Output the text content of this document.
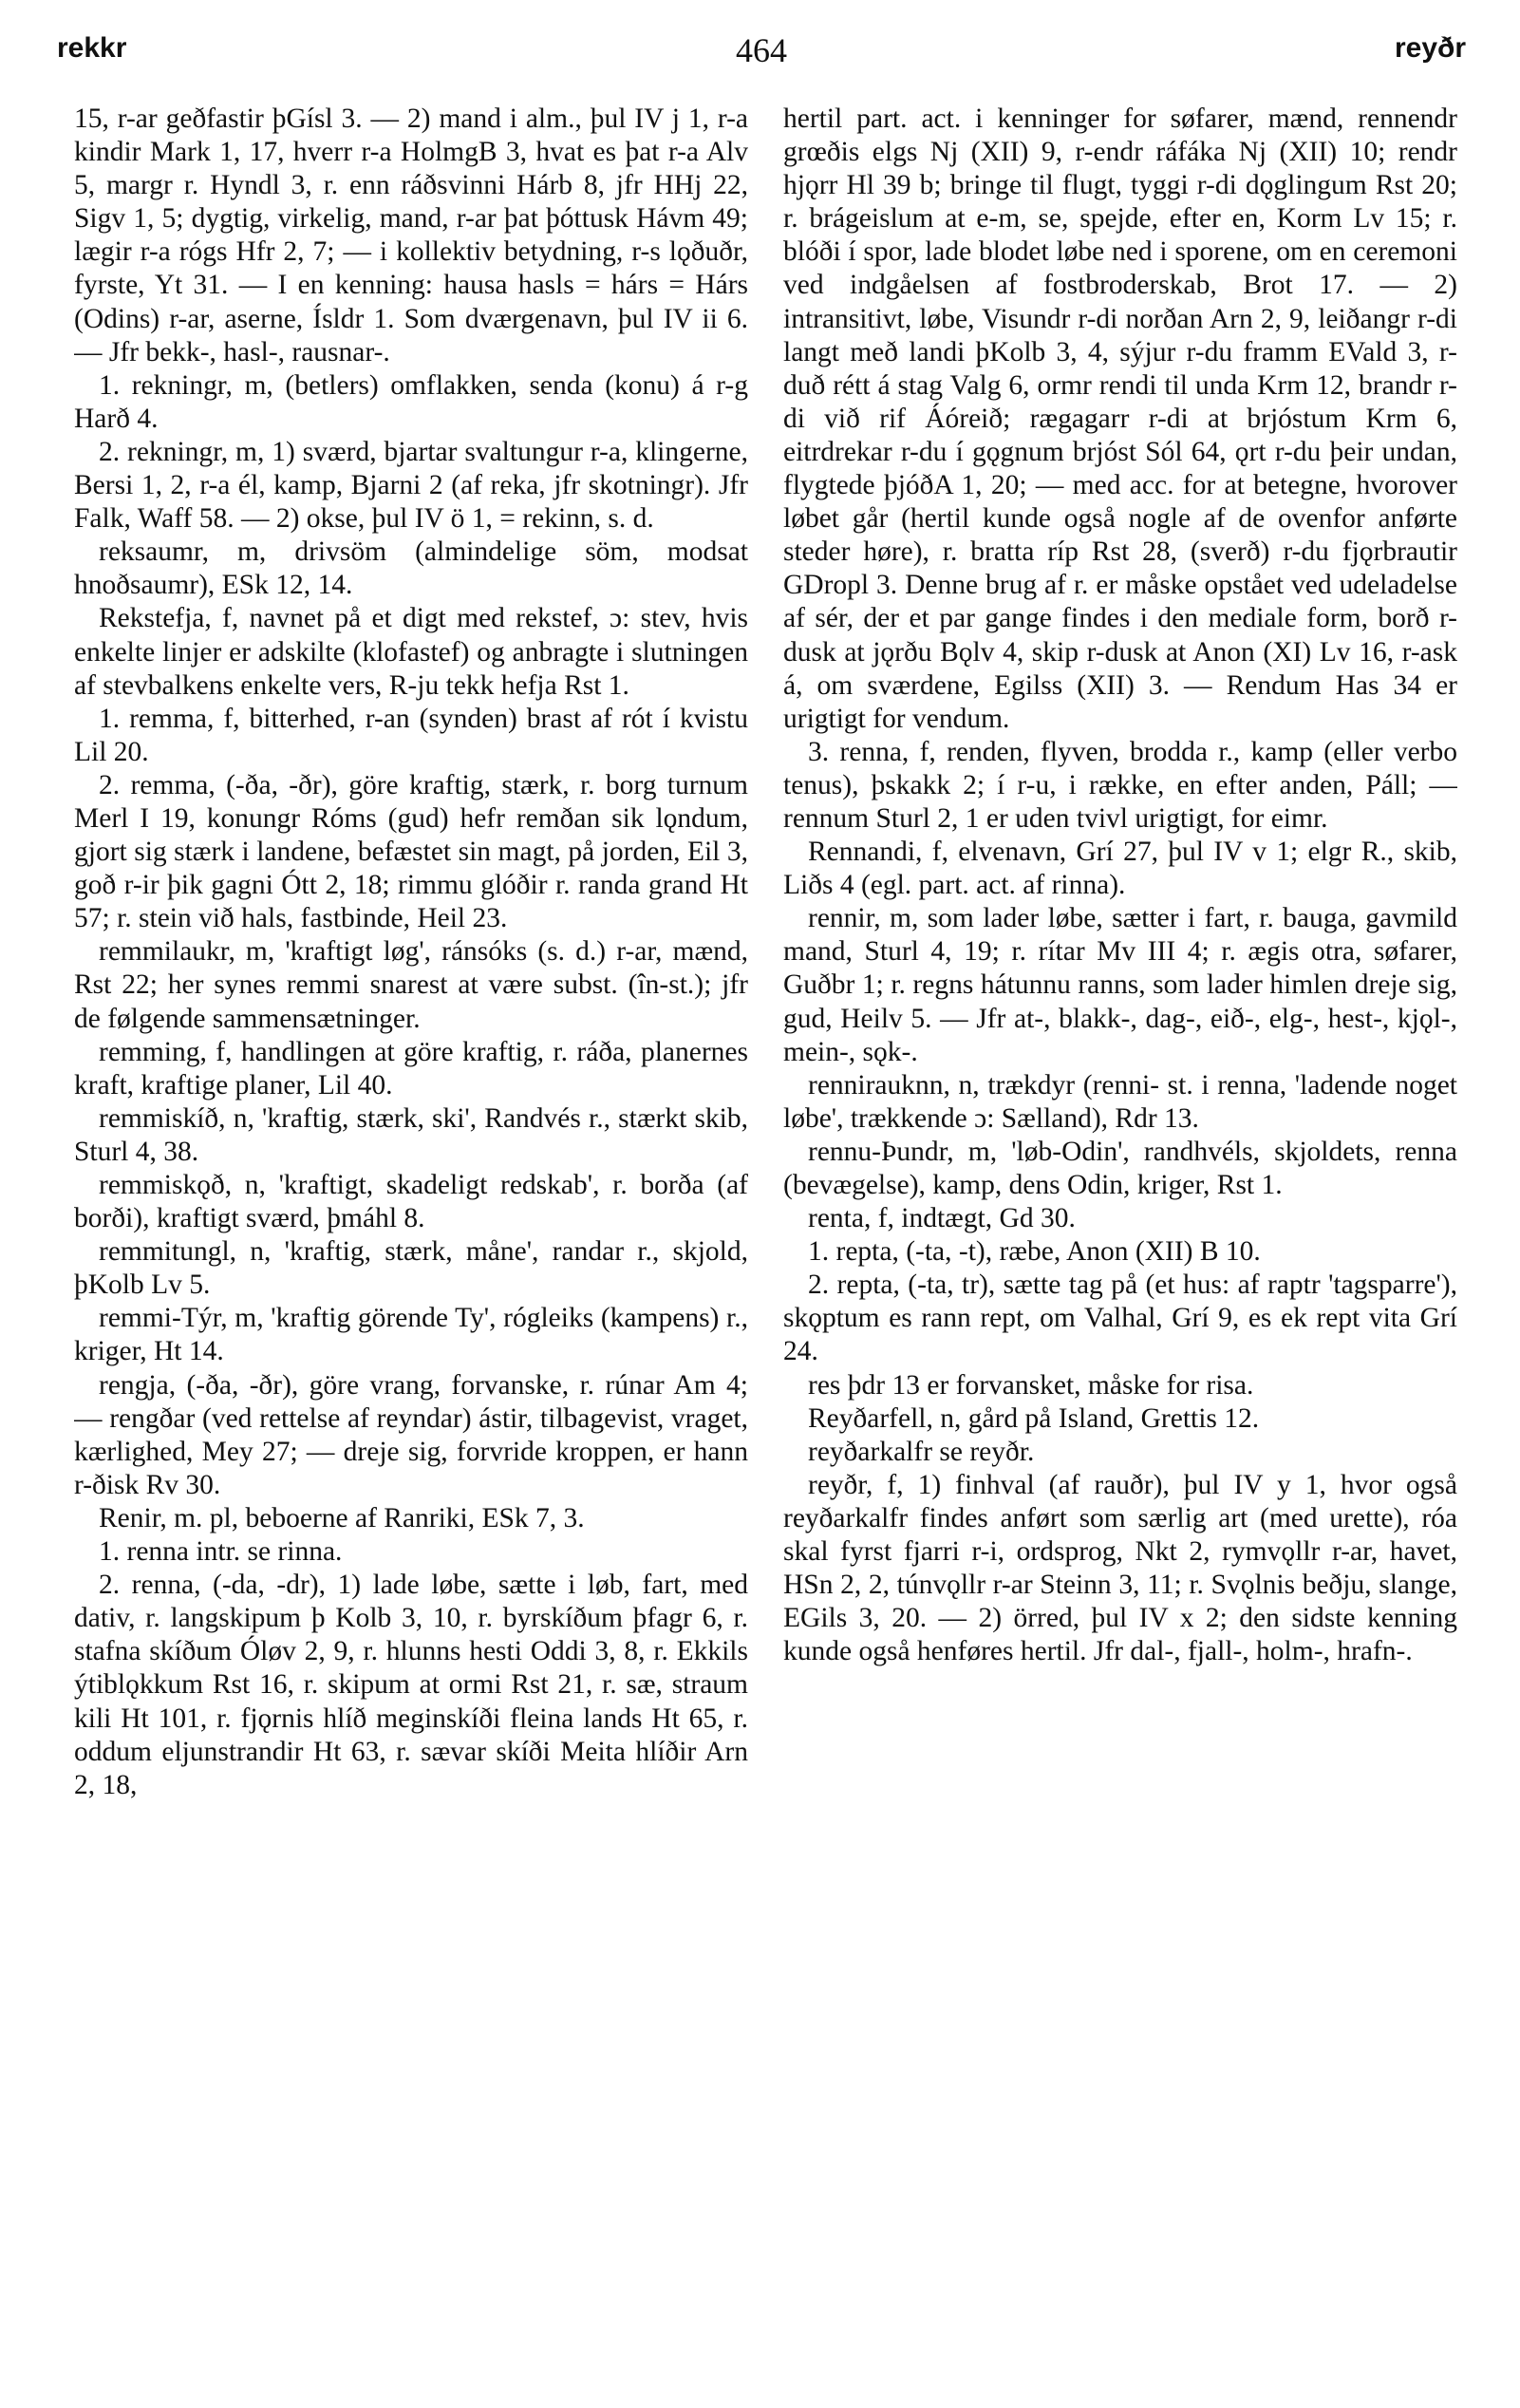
rekkr	464	reyðr

15, r-ar geðfastir þGísl 3. — 2) mand i alm., þul IV j 1, r-a kindir Mark 1, 17, hverr r-a HolmgB 3, hvat es þat r-a Alv 5, margr r. Hyndl 3, r. enn ráðsvinni Hárb 8, jfr HHj 22, Sigv 1, 5; dygtig, virkelig, mand, r-ar þat þóttusk Hávm 49; lægir r-a rógs Hfr 2, 7; — i kollektiv betydning, r-s lǫðuðr, fyrste, Yt 31. — I en kenning: hausa hasls = hárs = Hárs (Odins) r-ar, aserne, Ísldr 1. Som dværgenavn, þul IV ii 6. — Jfr bekk-, hasl-, rausnar-.

1. rekningr, m, (betlers) omflakken, senda (konu) á r-g Harð 4.

2. rekningr, m, 1) sværd, bjartar svaltungur r-a, klingerne, Bersi 1, 2, r-a él, kamp, Bjarni 2 (af reka, jfr skotningr). Jfr Falk, Waff 58. — 2) okse, þul IV ö 1, = rekinn, s. d.

reksaumr, m, drivsöm (almindelige söm, modsat hnoðsaumr), ESk 12, 14.

Rekstefja, f, navnet på et digt med rekstef, ɔ: stev, hvis enkelte linjer er adskilte (klofastef) og anbragte i slutningen af stevbalkens enkelte vers, R-ju tekk hefja Rst 1.

1. remma, f, bitterhed, r-an (synden) brast af rót í kvistu Lil 20.

2. remma, (-ða, -ðr), göre kraftig, stærk, r. borg turnum Merl I 19, konungr Róms (gud) hefr remðan sik lǫndum, gjort sig stærk i landene, befæstet sin magt, på jorden, Eil 3, goð r-ir þik gagni Ótt 2, 18; rimmu glóðir r. randa grand Ht 57; r. stein við hals, fastbinde, Heil 23.

remmilaukr, m, 'kraftigt løg', ránsóks (s. d.) r-ar, mænd, Rst 22; her synes remmi snarest at være subst. (în-st.); jfr de følgende sammensætninger.

remming, f, handlingen at göre kraftig, r. ráða, planernes kraft, kraftige planer, Lil 40.

remmiskíð, n, 'kraftig, stærk, ski', Randvés r., stærkt skib, Sturl 4, 38.

remmiskǫð, n, 'kraftigt, skadeligt redskab', r. borða (af borði), kraftigt sværd, þmáhl 8.

remmitungl, n, 'kraftig, stærk, måne', randar r., skjold, þKolb Lv 5.

remmi-Týr, m, 'kraftig görende Ty', rógleiks (kampens) r., kriger, Ht 14.

rengja, (-ða, -ðr), göre vrang, forvanske, r. rúnar Am 4; — rengðar (ved rettelse af reyndar) ástir, tilbagevist, vraget, kærlighed, Mey 27; — dreje sig, forvride kroppen, er hann r-ðisk Rv 30.

Renir, m. pl, beboerne af Ranriki, ESk 7, 3.

1. renna intr. se rinna.

2. renna, (-da, -dr), 1) lade løbe, sætte i løb, fart, med dativ, r. langskipum þ Kolb 3, 10, r. byrskíðum þfagr 6, r. stafna skíðum Óløv 2, 9, r. hlunns hesti Oddi 3, 8, r. Ekkils ýtiblǫkkum Rst 16, r. skipum at ormi Rst 21, r. sæ, straum kili Ht 101, r. fjǫrnis hlíð meginskíði fleina lands Ht 65, r. oddum eljunstrandir Ht 63, r. sævar skíði Meita hlíðir Arn 2, 18,

hertil part. act. i kenninger for søfarer, mænd, rennendr grœðis elgs Nj (XII) 9, r-endr ráfáka Nj (XII) 10; rendr hjǫrr Hl 39 b; bringe til flugt, tyggi r-di dǫglingum Rst 20; r. brágeislum at e-m, se, spejde, efter en, Korm Lv 15; r. blóði í spor, lade blodet løbe ned i sporene, om en ceremoni ved indgåelsen af fostbroderskab, Brot 17. — 2) intransitivt, løbe, Visundr r-di norðan Arn 2, 9, leiðangr r-di langt með landi þKolb 3, 4, sýjur r-du framm EVald 3, r-duð rétt á stag Valg 6, ormr rendi til unda Krm 12, brandr r-di við rif Áóreið; rægagarr r-di at brjóstum Krm 6, eitrdrekar r-du í gǫgnum brjóst Sól 64, ǫrt r-du þeir undan, flygtede þjóðA 1, 20; — med acc. for at betegne, hvorover løbet går (hertil kunde også nogle af de ovenfor anførte steder høre), r. bratta ríp Rst 28, (sverð) r-du fjǫrbrautir GDropl 3. Denne brug af r. er måske opstået ved udeladelse af sér, der et par gange findes i den mediale form, borð r-dusk at jǫrðu Bǫlv 4, skip r-dusk at Anon (XI) Lv 16, r-ask á, om sværdene, Egilss (XII) 3. — Rendum Has 34 er urigtigt for vendum.

3. renna, f, renden, flyven, brodda r., kamp (eller verbo tenus), þskakk 2; í r-u, i række, en efter anden, Páll; — rennum Sturl 2, 1 er uden tvivl urigtigt, for eimr.

Rennandi, f, elvenavn, Grí 27, þul IV v 1; elgr R., skib, Liðs 4 (egl. part. act. af rinna).

rennir, m, som lader løbe, sætter i fart, r. bauga, gavmild mand, Sturl 4, 19; r. rítar Mv III 4; r. ægis otra, søfarer, Guðbr 1; r. regns hátunnu ranns, som lader himlen dreje sig, gud, Heilv 5. — Jfr at-, blakk-, dag-, eið-, elg-, hest-, kjǫl-, mein-, sǫk-.

rennirauknn, n, trækdyr (renni- st. i renna, 'ladende noget løbe', trækkende ɔ: Sælland), Rdr 13.

rennu-Þundr, m, 'løb-Odin', randhvéls, skjoldets, renna (bevægelse), kamp, dens Odin, kriger, Rst 1.

renta, f, indtægt, Gd 30.

1. repta, (-ta, -t), ræbe, Anon (XII) B 10.

2. repta, (-ta, tr), sætte tag på (et hus: af raptr 'tagsparre'), skǫptum es rann rept, om Valhal, Grí 9, es ek rept vita Grí 24.

res þdr 13 er forvansket, måske for risa.

Reyðarfell, n, gård på Island, Grettis 12.

reyðarkalfr se reyðr.

reyðr, f, 1) finhval (af rauðr), þul IV y 1, hvor også reyðarkalfr findes anført som særlig art (med urette), róa skal fyrst fjarri r-i, ordsprog, Nkt 2, rymvǫllr r-ar, havet, HSn 2, 2, túnvǫllr r-ar Steinn 3, 11; r. Svǫlnis beðju, slange, EGils 3, 20. — 2) örred, þul IV x 2; den sidste kenning kunde også henføres hertil. Jfr dal-, fjall-, holm-, hrafn-.
